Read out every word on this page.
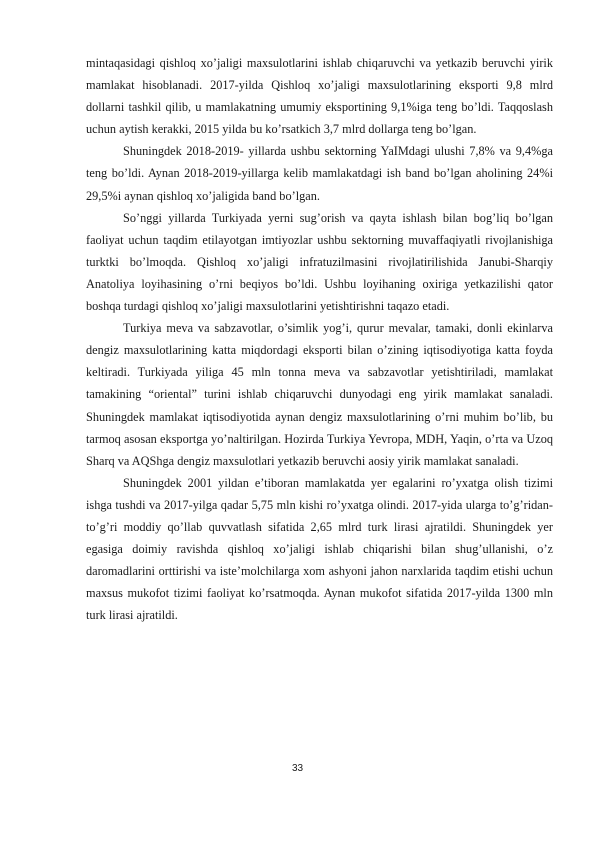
mintaqasidagi qishloq xo’jaligi maxsulotlarini ishlab chiqaruvchi va yetkazib beruvchi yirik mamlakat hisoblanadi. 2017-yilda Qishloq xo’jaligi maxsulotlarining eksporti 9,8 mlrd dollarni tashkil qilib, u mamlakatning umumiy eksportining 9,1%iga teng bo’ldi. Taqqoslash uchun aytish kerakki, 2015 yilda bu ko’rsatkich 3,7 mlrd dollarga teng bo’lgan.

Shuningdek 2018-2019- yillarda ushbu sektorning YaIMdagi ulushi 7,8% va 9,4%ga teng bo’ldi. Aynan 2018-2019-yillarga kelib mamlakatdagi ish band bo’lgan aholining 24%i 29,5%i aynan qishloq xo’jaligida band bo’lgan.

So’nggi yillarda Turkiyada yerni sug’orish va qayta ishlash bilan bog’liq bo’lgan faoliyat uchun taqdim etilayotgan imtiyozlar ushbu sektorning muvaffaqiyatli rivojlanishiga turktki bo’lmoqda. Qishloq xo’jaligi infratuzilmasini rivojlatirilishida Janubi-Sharqiy Anatoliya loyihasining o’rni beqiyos bo’ldi. Ushbu loyihaning oxiriga yetkazilishi qator boshqa turdagi qishloq xo’jaligi maxsulotlarini yetishtirishni taqazo etadi.

Turkiya meva va sabzavotlar, o’simlik yog’i, qurur mevalar, tamaki, donli ekinlarva dengiz maxsulotlarining katta miqdordagi eksporti bilan o’zining iqtisodiyotiga katta foyda keltiradi. Turkiyada yiliga 45 mln tonna meva va sabzavotlar yetishtiriladi, mamlakat tamakining “oriental” turini ishlab chiqaruvchi dunyodagi eng yirik mamlakat sanaladi. Shuningdek mamlakat iqtisodiyotida aynan dengiz maxsulotlarining o’rni muhim bo’lib, bu tarmoq asosan eksportga yo’naltirilgan. Hozirda Turkiya Yevropa, MDH, Yaqin, o’rta va Uzoq Sharq va AQShga dengiz maxsulotlari yetkazib beruvchi aosiy yirik mamlakat sanaladi.

Shuningdek 2001 yildan e’tiboran mamlakatda yer egalarini ro’yxatga olish tizimi ishga tushdi va 2017-yilga qadar 5,75 mln kishi ro’yxatga olindi. 2017-yida ularga to’g’ridan-to’g’ri moddiy qo’llab quvvatlash sifatida 2,65 mlrd turk lirasi ajratildi. Shuningdek yer egasiga doimiy ravishda qishloq xo’jaligi ishlab chiqarishi bilan shug’ullanishi, o’z daromadlarini orttirishi va iste’molchilarga xom ashyoni jahon narxlarida taqdim etishi uchun maxsus mukofot tizimi faoliyat ko’rsatmoqda. Aynan mukofot sifatida 2017-yilda 1300 mln turk lirasi ajratildi.

33
